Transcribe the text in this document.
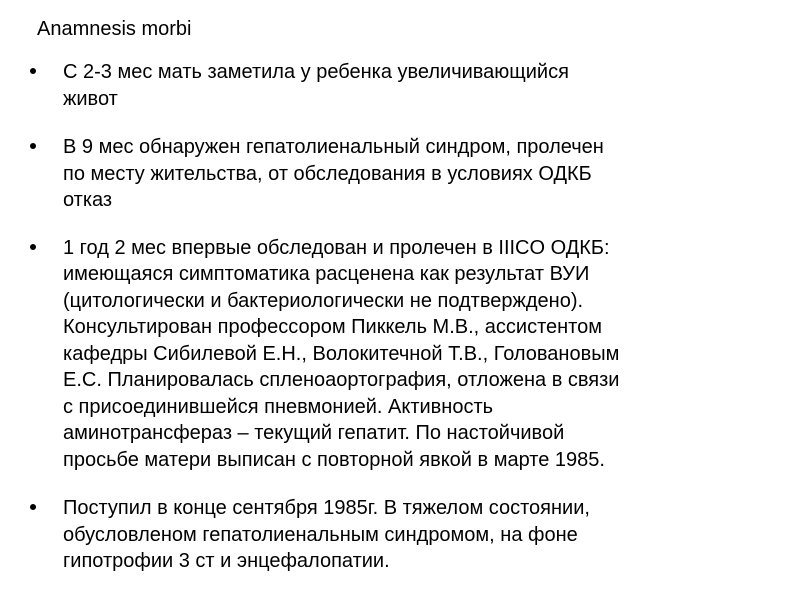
Anamnesis morbi
С 2-3 мес мать заметила у ребенка увеличивающийся
живот
В 9 мес обнаружен гепатолиенальный синдром, пролечен
по месту жительства, от обследования в условиях ОДКБ
отказ
1 год 2 мес впервые обследован и пролечен в IIICO ОДКБ:
имеющаяся симптоматика расценена как результат ВУИ
(цитологически и бактериологически не подтверждено).
Консультирован профессором Пиккель М.В., ассистентом
кафедры Сибилевой Е.Н., Волокитечной Т.В., Голованoвым
Е.С. Планировалась спленоаортография, отложена в связи
с присоединившейся пневмонией. Активность
аминотрансфераз – текущий гепатит. По настойчивой
просьбе матери выписан с повторной явкой в марте 1985.
Поступил в конце сентября 1985г. В тяжелом состоянии,
обусловленом гепатолиенальным синдромом, на фоне
гипотрофии 3 ст и энцефалопатии.
